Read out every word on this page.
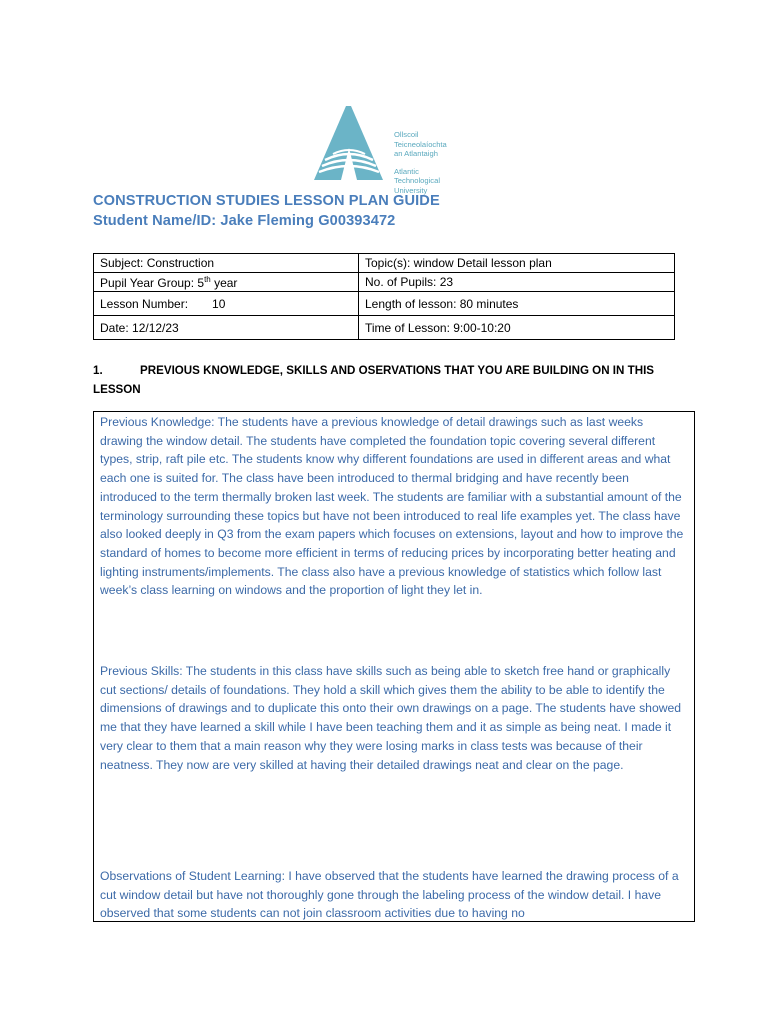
Ollscoil
Teicneolaíochta
an Atlantaigh
Atlantic
Technological
University
CONSTRUCTION STUDIES LESSON PLAN GUIDE
Student Name/ID: Jake Fleming G00393472
Subject: Construction	Topic(s): window Detail lesson plan
Pupil Year Group: 5th year	No. of Pupils: 23
Lesson Number: 10	Length of lesson: 80 minutes
Date: 12/12/23	Time of Lesson: 9:00-10:20
1.	PREVIOUS KNOWLEDGE, SKILLS AND OSERVATIONS THAT YOU ARE BUILDING ON IN THIS
LESSON

Previous Knowledge: The students have a previous knowledge of detail drawings such as last weeks drawing the window detail. The students have completed the foundation topic covering several different types, strip, raft pile etc. The students know why different foundations are used in different areas and what each one is suited for. The class have been introduced to thermal bridging and have recently been introduced to the term thermally broken last week. The students are familiar with a substantial amount of the terminology surrounding these topics but have not been introduced to real life examples yet. The class have also looked deeply in Q3 from the exam papers which focuses on extensions, layout and how to improve the standard of homes to become more efficient in terms of reducing prices by incorporating better heating and lighting instruments/implements. The class also have a previous knowledge of statistics which follow last week’s class learning on windows and the proportion of light they let in.

Previous Skills: The students in this class have skills such as being able to sketch free hand or graphically cut sections/ details of foundations. They hold a skill which gives them the ability to be able to identify the dimensions of drawings and to duplicate this onto their own drawings on a page. The students have showed me that they have learned a skill while I have been teaching them and it as simple as being neat. I made it very clear to them that a main reason why they were losing marks in class tests was because of their neatness. They now are very skilled at having their detailed drawings neat and clear on the page.

Observations of Student Learning: I have observed that the students have learned the drawing process of a cut window detail but have not thoroughly gone through the labeling process of the window detail. I have observed that some students can not join classroom activities due to having no
